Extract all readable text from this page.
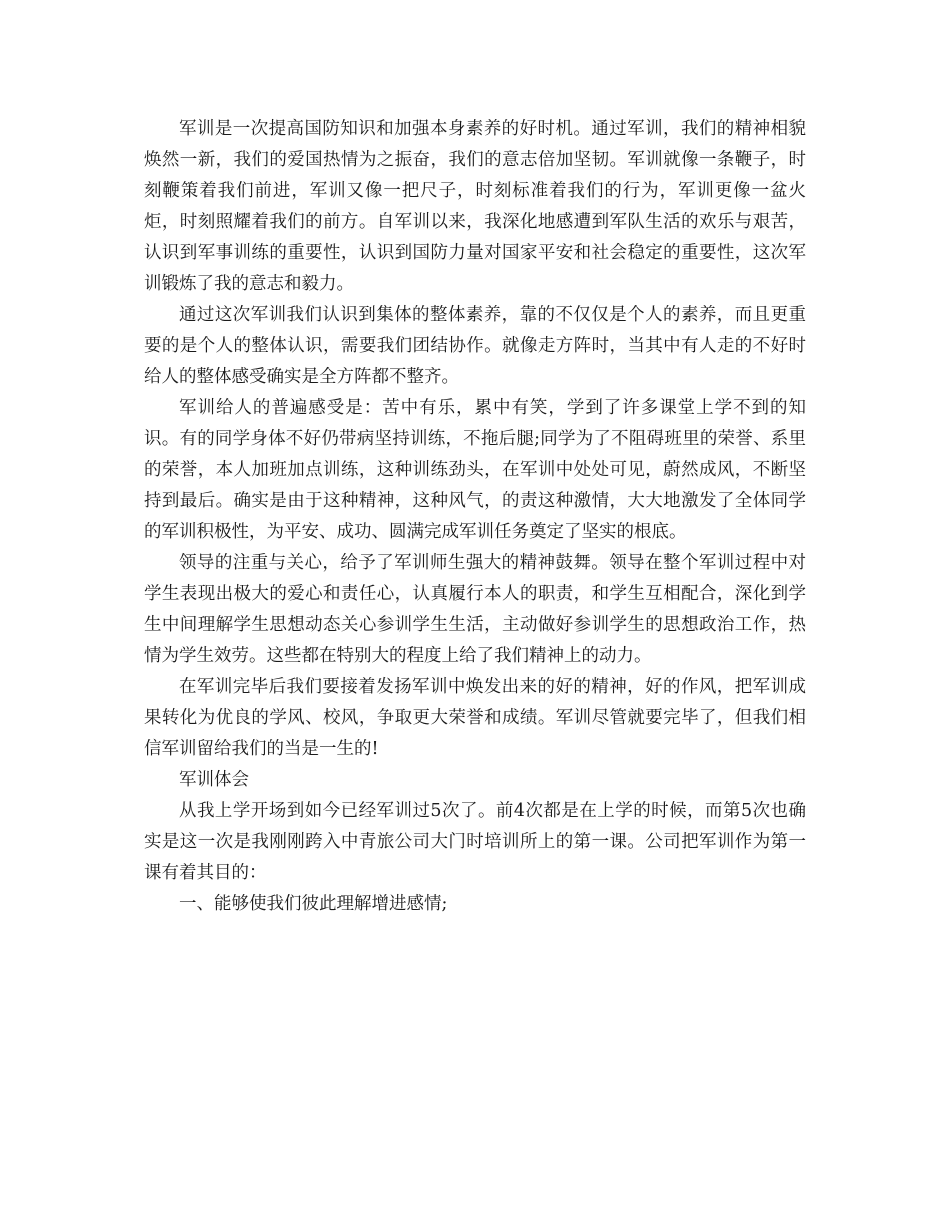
军训是一次提高国防知识和加强本身素养的好时机。通过军训，我们的精神相貌焕然一新，我们的爱国热情为之振奋，我们的意志倍加坚韧。军训就像一条鞭子，时刻鞭策着我们前进，军训又像一把尺子，时刻标准着我们的行为，军训更像一盆火炬，时刻照耀着我们的前方。自军训以来，我深化地感遭到军队生活的欢乐与艰苦，认识到军事训练的重要性，认识到国防力量对国家平安和社会稳定的重要性，这次军训锻炼了我的意志和毅力。

通过这次军训我们认识到集体的整体素养，靠的不仅仅是个人的素养，而且更重要的是个人的整体认识，需要我们团结协作。就像走方阵时，当其中有人走的不好时给人的整体感受确实是全方阵都不整齐。

军训给人的普遍感受是：苦中有乐，累中有笑，学到了许多课堂上学不到的知识。有的同学身体不好仍带病坚持训练，不拖后腿;同学为了不阻碍班里的荣誉、系里的荣誉，本人加班加点训练，这种训练劲头，在军训中处处可见，蔚然成风，不断坚持到最后。确实是由于这种精神，这种风气，的责这种激情，大大地激发了全体同学的军训积极性，为平安、成功、圆满完成军训任务奠定了坚实的根底。

领导的注重与关心，给予了军训师生强大的精神鼓舞。领导在整个军训过程中对学生表现出极大的爱心和责任心，认真履行本人的职责，和学生互相配合，深化到学生中间理解学生思想动态关心参训学生生活，主动做好参训学生的思想政治工作，热情为学生效劳。这些都在特别大的程度上给了我们精神上的动力。

在军训完毕后我们要接着发扬军训中焕发出来的好的精神，好的作风，把军训成果转化为优良的学风、校风，争取更大荣誉和成绩。军训尽管就要完毕了，但我们相信军训留给我们的当是一生的!

军训体会

从我上学开场到如今已经军训过5次了。前4次都是在上学的时候，而第5次也确实是这一次是我刚刚跨入中青旅公司大门时培训所上的第一课。公司把军训作为第一课有着其目的：

一、能够使我们彼此理解增进感情;
